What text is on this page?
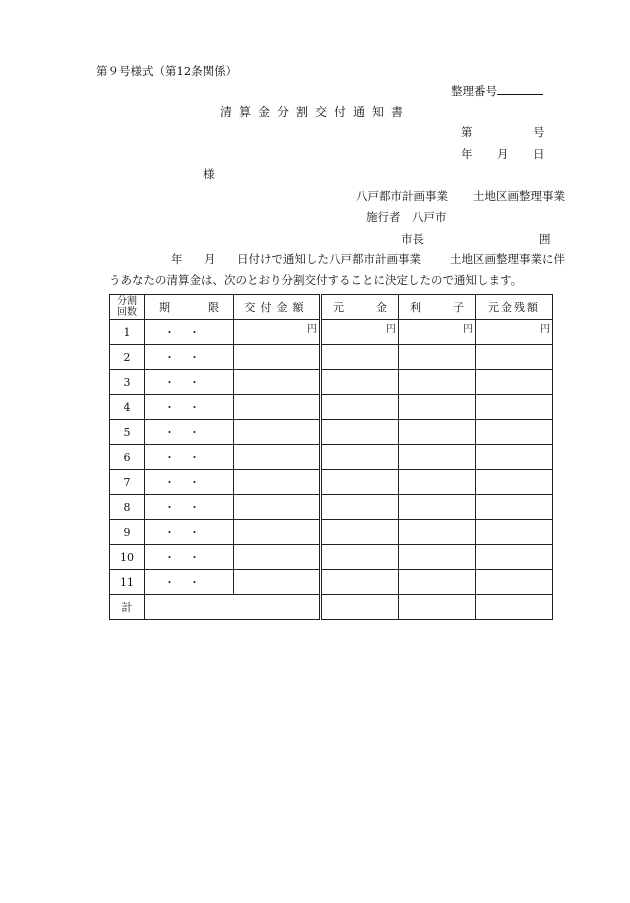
第９号様式（第12条関係）
整理番号
清算金分割交付通知書
第	号
年 月 日
様
八戸都市計画事業 土地区画整理事業
施行者　八戸市
市長	囲
年 月 日付けで通知した八戸都市計画事業	土地区画整理事業に伴
うあなたの清算金は、次のとおり分割交付することに決定したので通知します。
分割
回数	期 限	交付金額	元 金	利 子	元金残額
1	・・	円	円	円	円
2	・・				
3	・・				
4	・・				
5	・・				
6	・・				
7	・・				
8	・・				
9	・・				
10	・・				
11	・・				
計					
